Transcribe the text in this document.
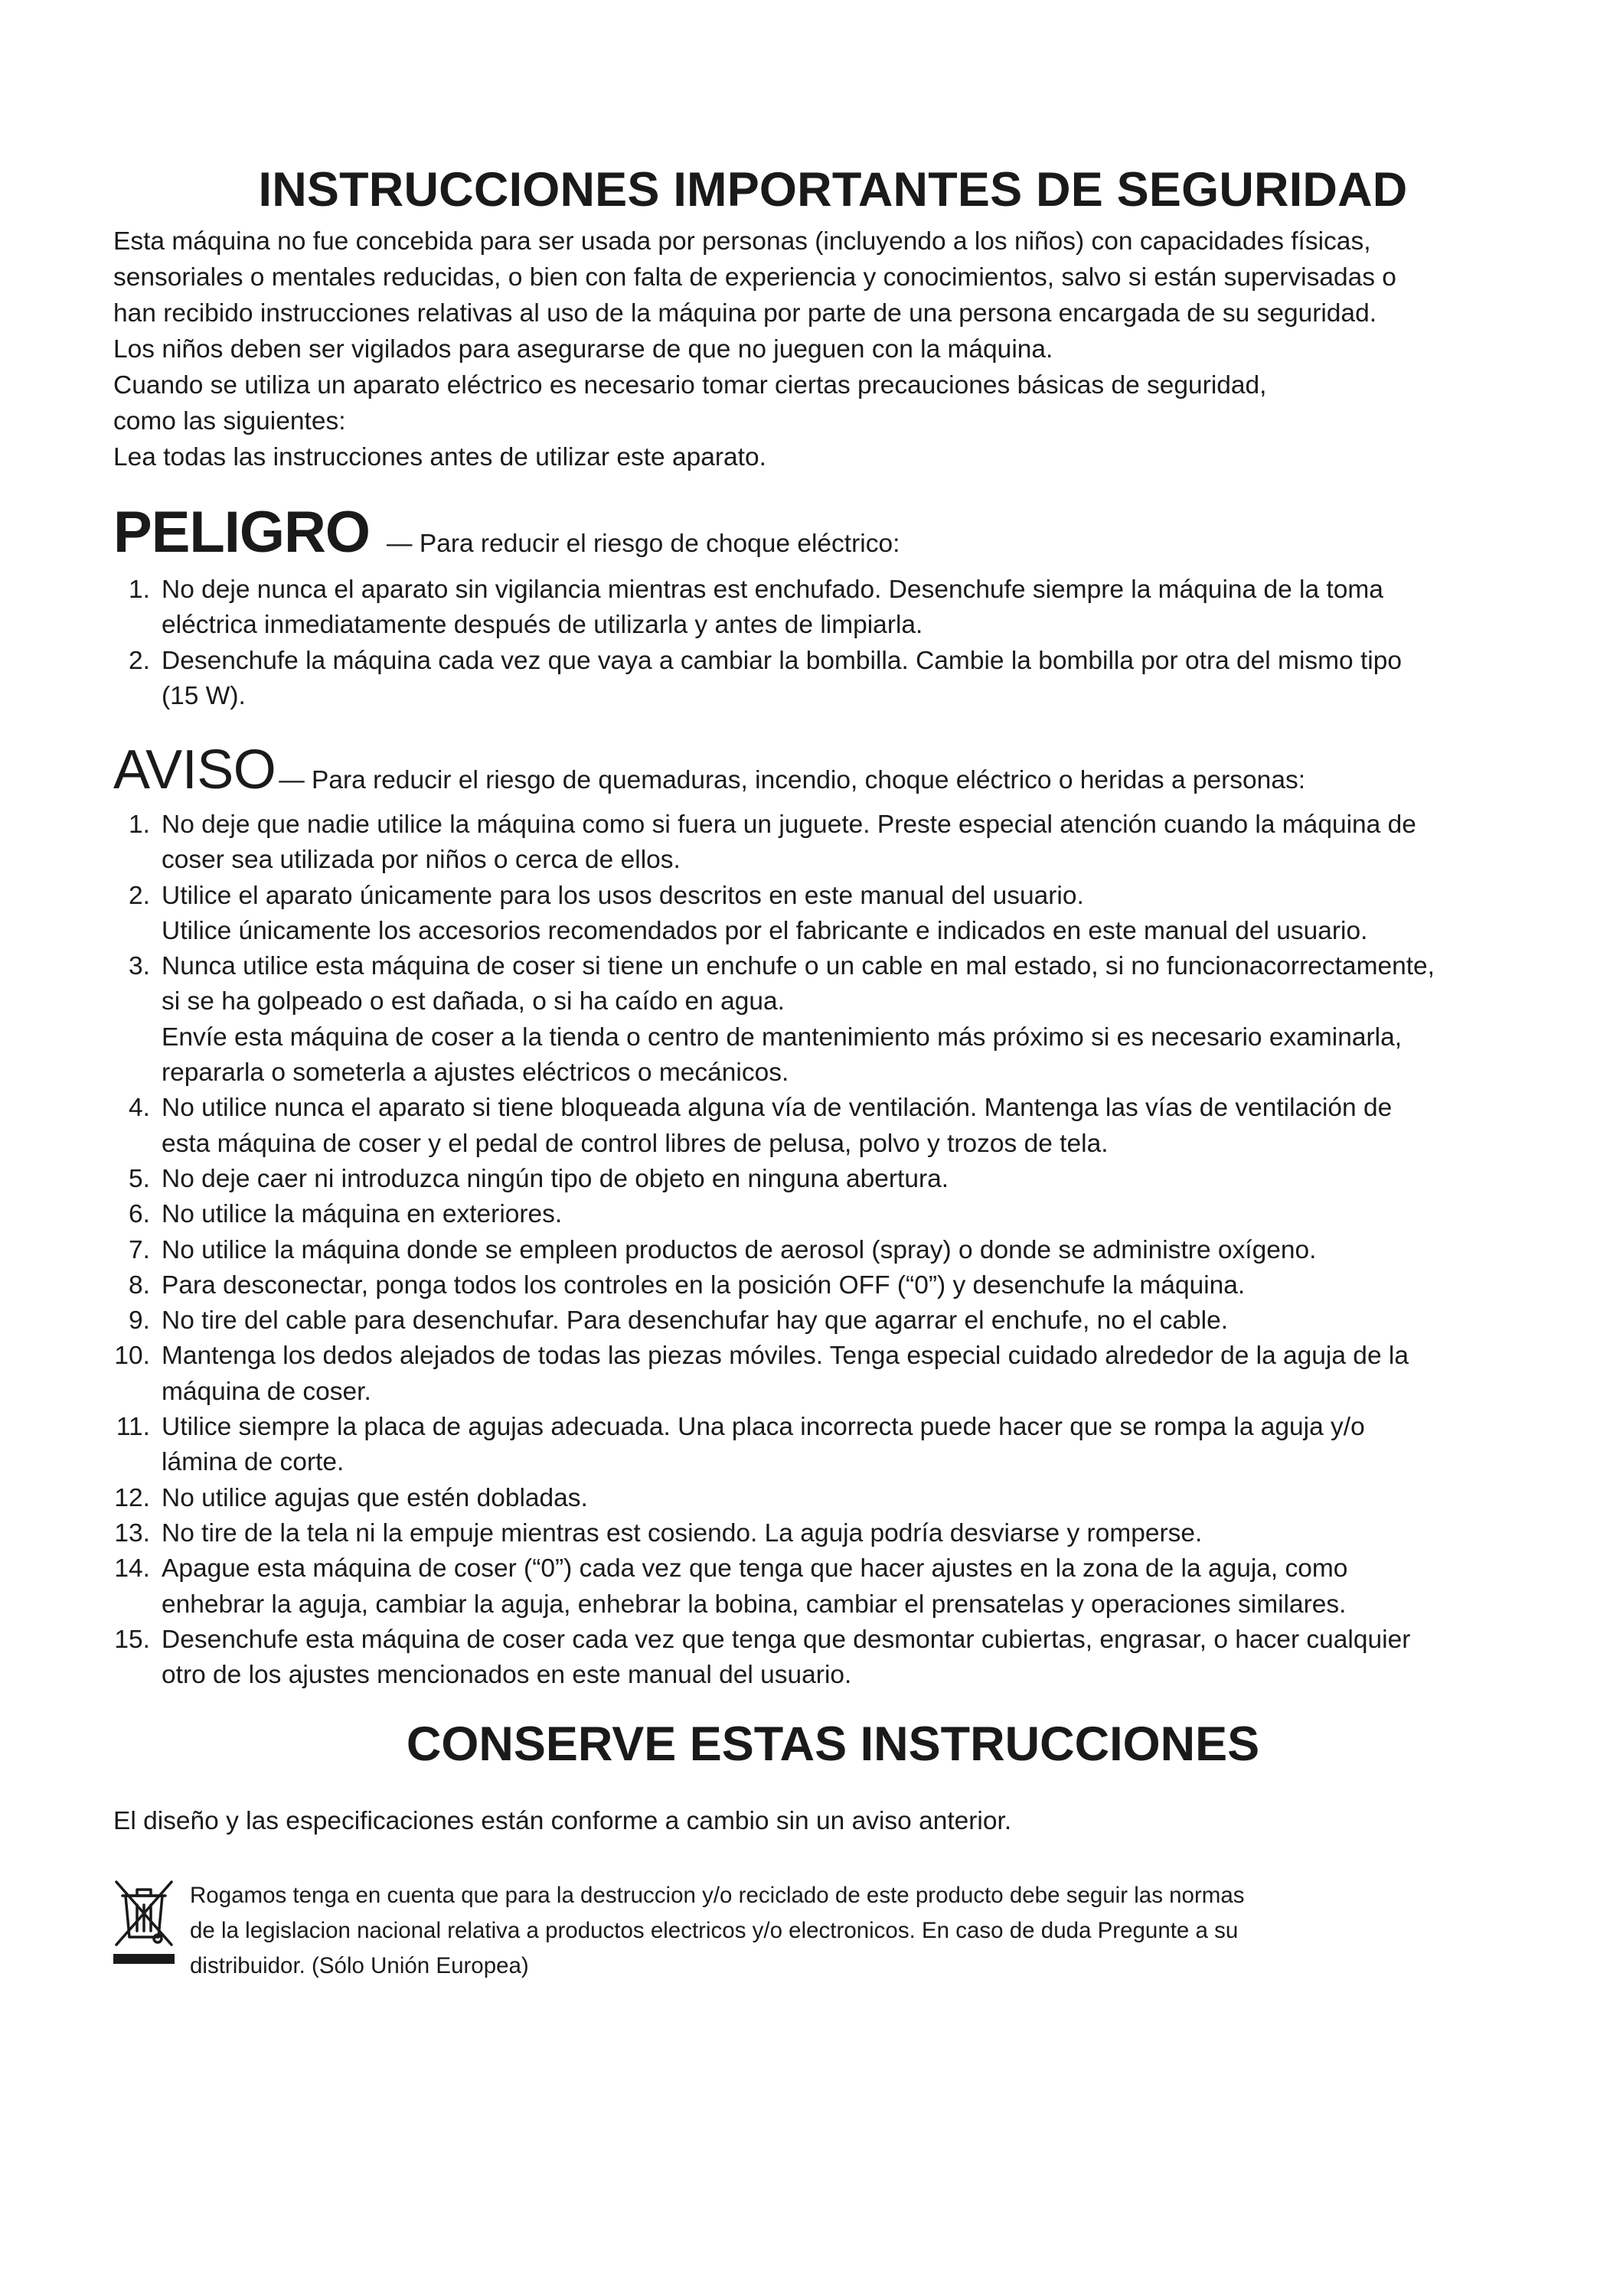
INSTRUCCIONES IMPORTANTES DE SEGURIDAD

Esta máquina no fue concebida para ser usada por personas (incluyendo a los niños) con capacidades físicas,

sensoriales o mentales reducidas, o bien con falta de experiencia y conocimientos, salvo si están supervisadas o

han recibido instrucciones relativas al uso de la máquina por parte de una persona encargada de su seguridad.

Los niños deben ser vigilados para asegurarse de que no jueguen con la máquina.

Cuando se utiliza un aparato eléctrico es necesario tomar ciertas precauciones básicas de seguridad,

como las siguientes:

Lea todas las instrucciones antes de utilizar este aparato.

PELIGRO — Para reducir el riesgo de choque eléctrico:
1. No deje nunca el aparato sin vigilancia mientras est enchufado. Desenchufe siempre la máquina de la toma
eléctrica inmediatamente después de utilizarla y antes de limpiarla.
2. Desenchufe la máquina cada vez que vaya a cambiar la bombilla. Cambie la bombilla por otra del mismo tipo
(15 W).
AVISO — Para reducir el riesgo de quemaduras, incendio, choque eléctrico o heridas a personas:
1. No deje que nadie utilice la máquina como si fuera un juguete. Preste especial atención cuando la máquina de
coser sea utilizada por niños o cerca de ellos.
2. Utilice el aparato únicamente para los usos descritos en este manual del usuario.
Utilice únicamente los accesorios recomendados por el fabricante e indicados en este manual del usuario.
3. Nunca utilice esta máquina de coser si tiene un enchufe o un cable en mal estado, si no funcionacorrectamente,
si se ha golpeado o est dañada, o si ha caído en agua.
Envíe esta máquina de coser a la tienda o centro de mantenimiento más próximo si es necesario examinarla,
repararla o someterla a ajustes eléctricos o mecánicos.
4. No utilice nunca el aparato si tiene bloqueada alguna vía de ventilación. Mantenga las vías de ventilación de
esta máquina de coser y el pedal de control libres de pelusa, polvo y trozos de tela.
5. No deje caer ni introduzca ningún tipo de objeto en ninguna abertura.
6. No utilice la máquina en exteriores.
7. No utilice la máquina donde se empleen productos de aerosol (spray) o donde se administre oxígeno.
8. Para desconectar, ponga todos los controles en la posición OFF (“0”) y desenchufe la máquina.
9. No tire del cable para desenchufar. Para desenchufar hay que agarrar el enchufe, no el cable.
10. Mantenga los dedos alejados de todas las piezas móviles. Tenga especial cuidado alrededor de la aguja de la
máquina de coser.
11. Utilice siempre la placa de agujas adecuada. Una placa incorrecta puede hacer que se rompa la aguja y/o
lámina de corte.
12. No utilice agujas que estén dobladas.
13. No tire de la tela ni la empuje mientras est cosiendo. La aguja podría desviarse y romperse.
14. Apague esta máquina de coser (“0”) cada vez que tenga que hacer ajustes en la zona de la aguja, como
enhebrar la aguja, cambiar la aguja, enhebrar la bobina, cambiar el prensatelas y operaciones similares.
15. Desenchufe esta máquina de coser cada vez que tenga que desmontar cubiertas, engrasar, o hacer cualquier
otro de los ajustes mencionados en este manual del usuario.
CONSERVE ESTAS INSTRUCCIONES
El diseño y las especificaciones están conforme a cambio sin un aviso anterior.

Rogamos tenga en cuenta que para la destruccion y/o reciclado de este producto debe seguir las normas

de la legislacion nacional relativa a productos electricos y/o electronicos. En caso de duda Pregunte a su

distribuidor. (Sólo Unión Europea)
